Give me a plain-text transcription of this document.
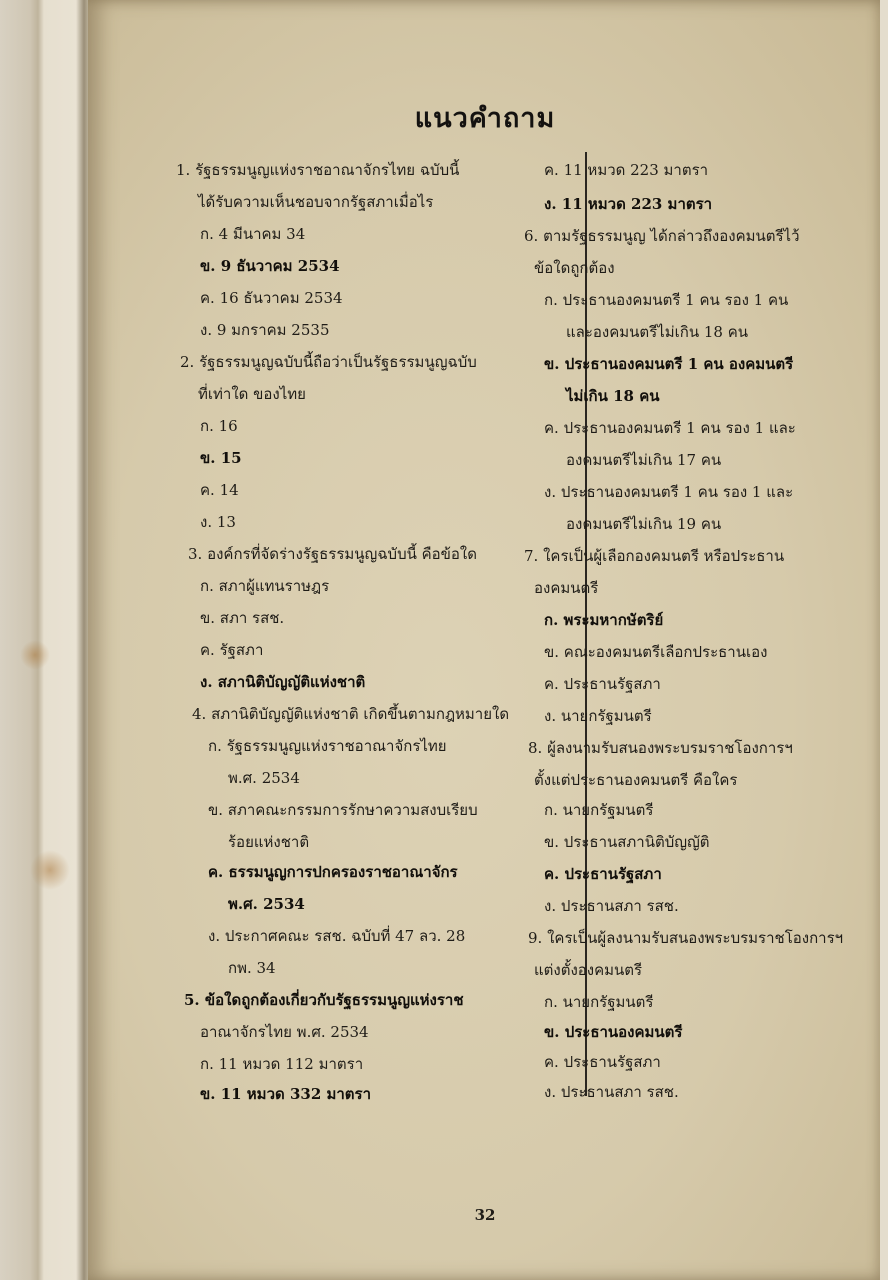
แนวคำถาม
1. รัฐธรรมนูญแห่งราชอาณาจักรไทย ฉบับนี้
ได้รับความเห็นชอบจากรัฐสภาเมื่อไร
ก. 4 มีนาคม 34
ข. 9 ธันวาคม 2534
ค. 16 ธันวาคม 2534
ง. 9 มกราคม 2535
2. รัฐธรรมนูญฉบับนี้ถือว่าเป็นรัฐธรรมนูญฉบับ
ที่เท่าใด ของไทย
ก. 16
ข. 15
ค. 14
ง. 13
3. องค์กรที่จัดร่างรัฐธรรมนูญฉบับนี้ คือข้อใด
ก. สภาผู้แทนราษฎร
ข. สภา รสช.
ค. รัฐสภา
ง. สภานิติบัญญัติแห่งชาติ
4. สภานิติบัญญัติแห่งชาติ เกิดขึ้นตามกฎหมายใด
ก. รัฐธรรมนูญแห่งราชอาณาจักรไทย
พ.ศ. 2534
ข. สภาคณะกรรมการรักษาความสงบเรียบ
ร้อยแห่งชาติ
ค. ธรรมนูญการปกครองราชอาณาจักร
พ.ศ. 2534
ง. ประกาศคณะ รสช. ฉบับที่ 47 ลว. 28
กพ. 34
5. ข้อใดถูกต้องเกี่ยวกับรัฐธรรมนูญแห่งราช
อาณาจักรไทย พ.ศ. 2534
ก. 11 หมวด 112 มาตรา
ข. 11 หมวด 332 มาตรา
ค. 11 หมวด 223 มาตรา
ง. 11 หมวด 223 มาตรา
6. ตามรัฐธรรมนูญ ได้กล่าวถึงองคมนตรีไว้
ข้อใดถูกต้อง
ก. ประธานองคมนตรี 1 คน รอง 1 คน
และองคมนตรีไม่เกิน 18 คน
ข. ประธานองคมนตรี 1 คน องคมนตรี
ไม่เกิน 18 คน
ค. ประธานองคมนตรี 1 คน รอง 1 และ
องคมนตรีไม่เกิน 17 คน
ง. ประธานองคมนตรี 1 คน รอง 1 และ
องคมนตรีไม่เกิน 19 คน
7. ใครเป็นผู้เลือกองคมนตรี หรือประธาน
องคมนตรี
ก. พระมหากษัตริย์
ข. คณะองคมนตรีเลือกประธานเอง
ค. ประธานรัฐสภา
ง. นายกรัฐมนตรี
8. ผู้ลงนามรับสนองพระบรมราชโองการฯ
ตั้งแต่ประธานองคมนตรี คือใคร
ก. นายกรัฐมนตรี
ข. ประธานสภานิติบัญญัติ
ค. ประธานรัฐสภา
ง. ประธานสภา รสช.
9. ใครเป็นผู้ลงนามรับสนองพระบรมราชโองการฯ
แต่งตั้งองคมนตรี
ก. นายกรัฐมนตรี
ข. ประธานองคมนตรี
ค. ประธานรัฐสภา
ง. ประธานสภา รสช.
32
